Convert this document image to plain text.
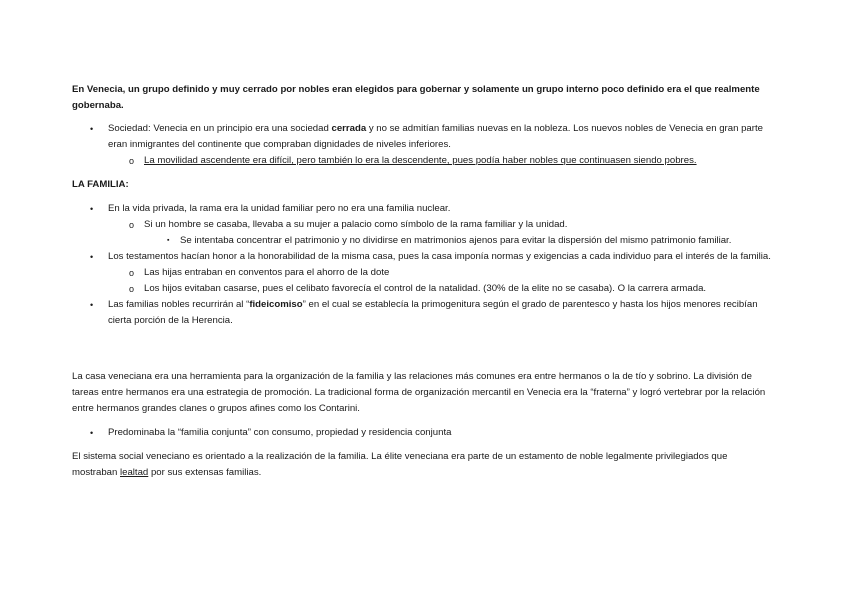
En Venecia, un grupo definido y muy cerrado por nobles eran elegidos para gobernar y solamente un grupo interno poco definido era el que realmente gobernaba.

• Sociedad: Venecia en un principio era una sociedad cerrada y no se admitían familias nuevas en la nobleza. Los nuevos nobles de Venecia en gran parte eran inmigrantes del continente que compraban dignidades de niveles inferiores.
o La movilidad ascendente era difícil, pero también lo era la descendente, pues podía haber nobles que continuasen siendo pobres.

LA FAMILIA:

• En la vida privada, la rama era la unidad familiar pero no era una familia nuclear.
o Si un hombre se casaba, llevaba a su mujer a palacio como símbolo de la rama familiar y la unidad.
▪ Se intentaba concentrar el patrimonio y no dividirse en matrimonios ajenos para evitar la dispersión del mismo patrimonio familiar.
• Los testamentos hacían honor a la honorabilidad de la misma casa, pues la casa imponía normas y exigencias a cada individuo para el interés de la familia.
o Las hijas entraban en conventos para el ahorro de la dote
o Los hijos evitaban casarse, pues el celibato favorecía el control de la natalidad. (30% de la elite no se casaba). O la carrera armada.
• Las familias nobles recurrirán al “fideicomiso” en el cual se establecía la primogenitura según el grado de parentesco y hasta los hijos menores recibían cierta porción de la Herencia.

La casa veneciana era una herramienta para la organización de la familia y las relaciones más comunes era entre hermanos o la de tío y sobrino. La división de tareas entre hermanos era una estrategia de promoción. La tradicional forma de organización mercantil en Venecia era la “fraterna” y logró vertebrar por la relación entre hermanos grandes clanes o grupos afines como los Contarini.

• Predominaba la “familia conjunta” con consumo, propiedad y residencia conjunta

El sistema social veneciano es orientado a la realización de la familia. La élite veneciana era parte de un estamento de noble legalmente privilegiados que mostraban lealtad por sus extensas familias.
